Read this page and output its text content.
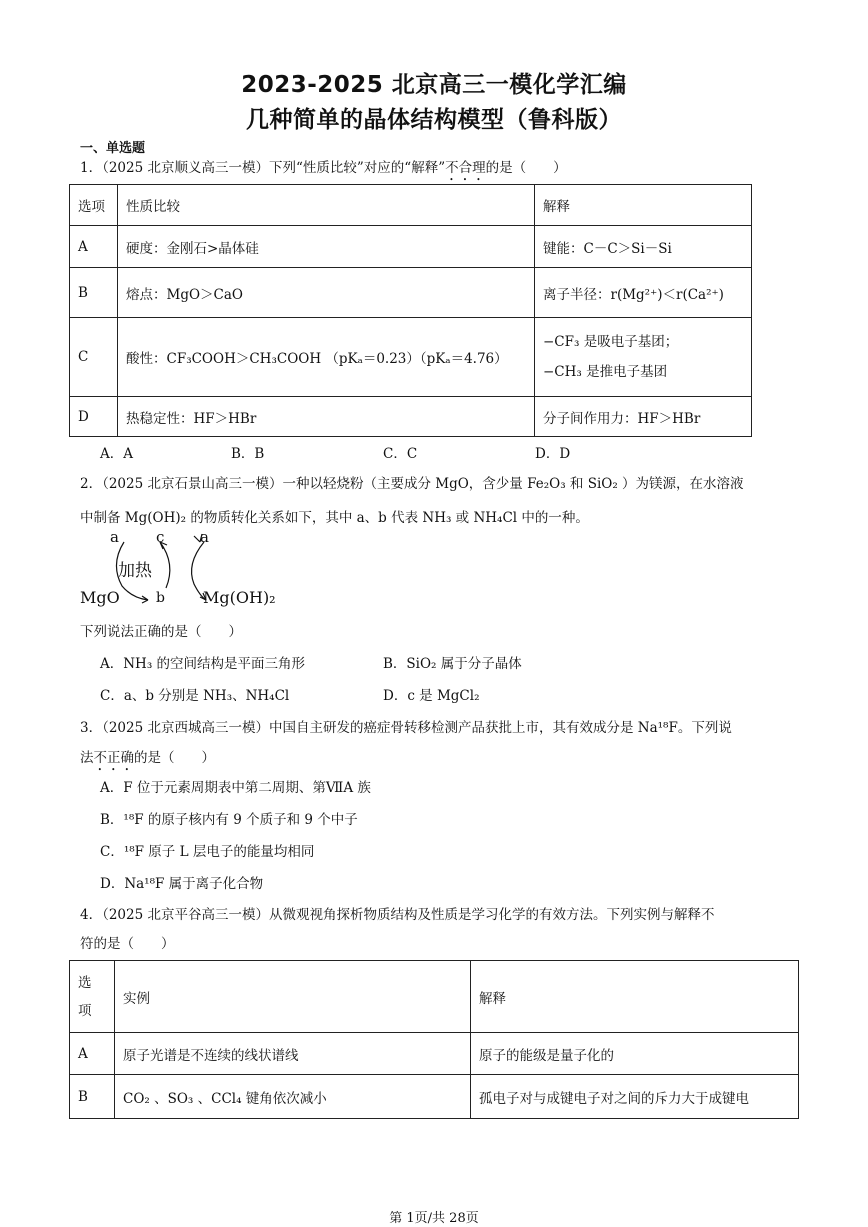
2023-2025 北京高三一模化学汇编
几种简单的晶体结构模型（鲁科版）
一、单选题
1．（2025 北京顺义高三一模）下列“性质比较”对应的“解释”不合理的是（　　）
选项	性质比较	解释
A	硬度：金刚石>晶体硅	键能：C－C＞Si－Si
B	熔点：MgO＞CaO	离子半径：r(Mg²⁺)＜r(Ca²⁺)
C	酸性：CF₃COOH＞CH₃COOH （pKₐ＝0.23）（pKₐ＝4.76）	−CF₃ 是吸电子基团；
−CH₃ 是推电子基团

D	热稳定性：HF＞HBr	分子间作用力：HF＞HBr
A．A	B．B	C．C	D．D
2．（2025 北京石景山高三一模）一种以轻烧粉（主要成分 MgO，含少量 Fe₂O₃ 和 SiO₂ ）为镁源，在水溶液
中制备 Mg(OH)₂ 的物质转化关系如下，其中 a、b 代表 NH₃ 或 NH₄Cl 中的一种。
a c a
加热
MgO	b Mg(OH)₂
下列说法正确的是（　　）
A．NH₃ 的空间结构是平面三角形	B．SiO₂ 属于分子晶体
C．a、b 分别是 NH₃、NH₄Cl	D．c 是 MgCl₂
3．（2025 北京西城高三一模）中国自主研发的癌症骨转移检测产品获批上市，其有效成分是 Na¹⁸F。下列说
法不正确的是（　　）
A．F 位于元素周期表中第二周期、第ⅦA 族
B．¹⁸F 的原子核内有 9 个质子和 9 个中子
C．¹⁸F 原子 L 层电子的能量均相同
D．Na¹⁸F 属于离子化合物
4．（2025 北京平谷高三一模）从微观视角探析物质结构及性质是学习化学的有效方法。下列实例与解释不
符的是（　　）
选
项	实例	解释
A	原子光谱是不连续的线状谱线	原子的能级是量子化的
B	CO₂ 、SO₃ 、CCl₄ 键角依次减小	孤电子对与成键电子对之间的斥力大于成键电
第 1页/共 28页
